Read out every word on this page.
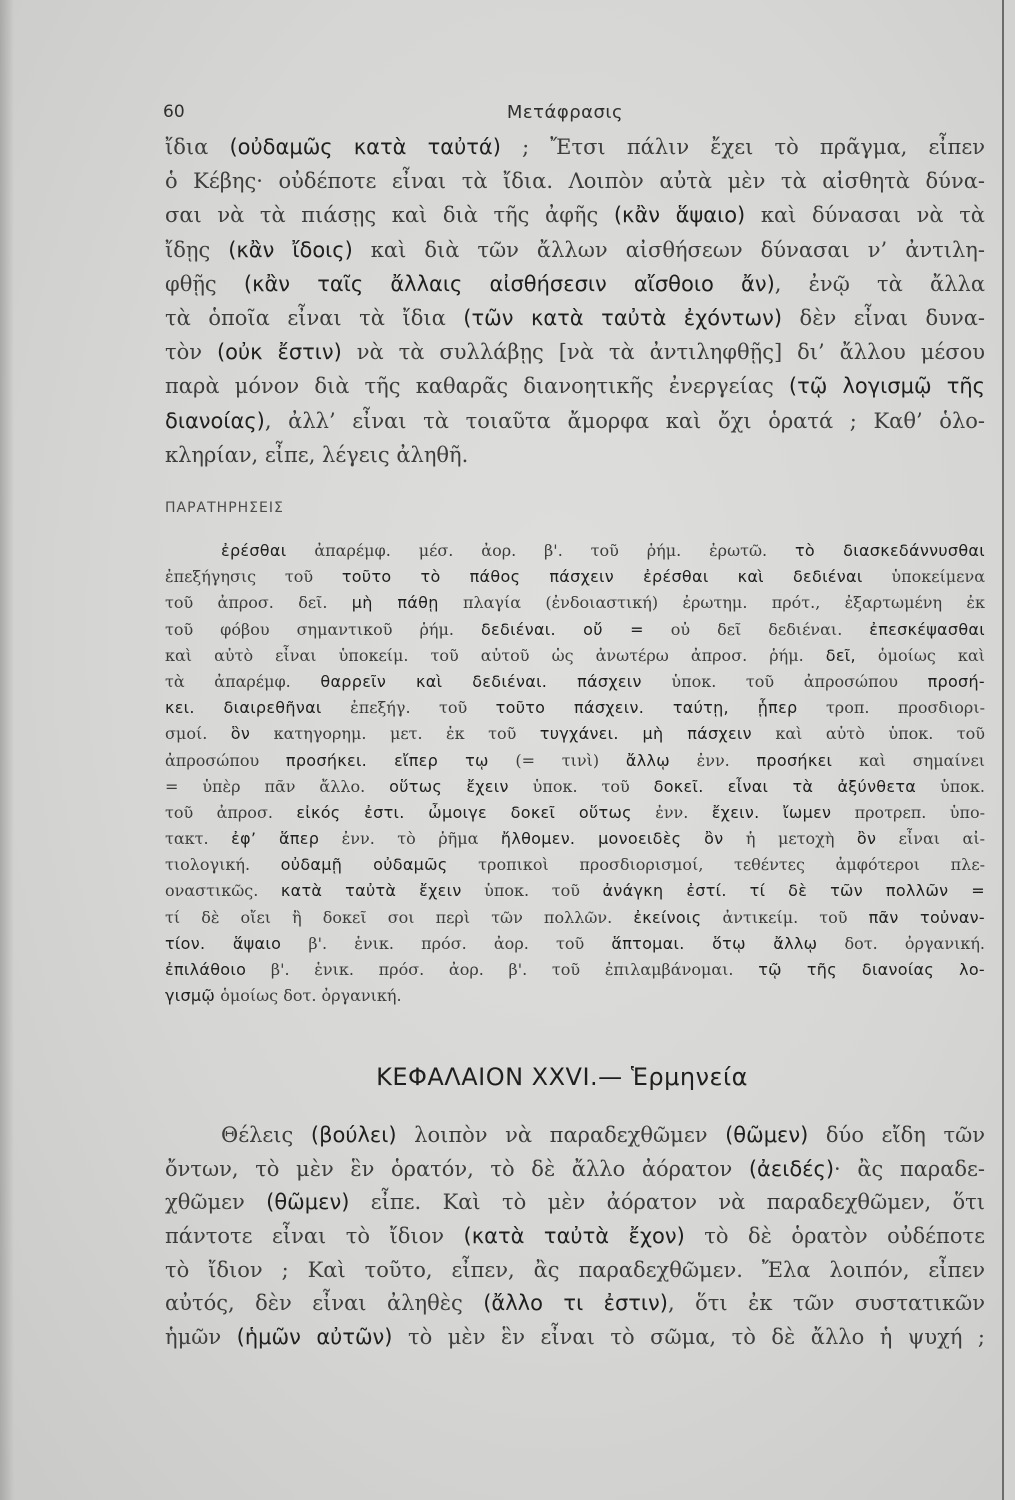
60	Μετάφρασις
ἴδια (οὐδαμῶς κατὰ ταὐτά) ; Ἔτσι πάλιν ἔχει τὸ πρᾶγμα, εἶπεν
ὁ Κέβης· οὐδέποτε εἶναι τὰ ἴδια. Λοιπὸν αὐτὰ μὲν τὰ αἰσθητὰ δύνα-
σαι νὰ τὰ πιάσῃς καὶ διὰ τῆς ἀφῆς (κἂν ἅψαιο) καὶ δύνασαι νὰ τὰ
ἴδῃς (κἂν ἴδοις) καὶ διὰ τῶν ἄλλων αἰσθήσεων δύνασαι ν’ ἀντιλη-
φθῇς (κἂν ταῖς ἄλλαις αἰσθήσεσιν αἴσθοιο ἄν), ἐνῷ τὰ ἄλλα
τὰ ὁποῖα εἶναι τὰ ἴδια (τῶν κατὰ ταὐτὰ ἐχόντων) δὲν εἶναι δυνα-
τὸν (οὐκ ἔστιν) νὰ τὰ συλλάβῃς [νὰ τὰ ἀντιληφθῇς] δι’ ἄλλου μέσου
παρὰ μόνον διὰ τῆς καθαρᾶς διανοητικῆς ἐνεργείας (τῷ λογισμῷ τῆς
διανοίας), ἀλλ’ εἶναι τὰ τοιαῦτα ἄμορφα καὶ ὄχι ὁρατά ; Καθ’ ὁλο-
κληρίαν, εἶπε, λέγεις ἀληθῆ.
ΠΑΡΑΤΗΡΗΣΕΙΣ
ἐρέσθαι ἀπαρέμφ. μέσ. ἀορ. β'. τοῦ ῥήμ. ἐρωτῶ. τὸ διασκεδάννυσθαι
ἐπεξήγησις τοῦ τοῦτο τὸ πάθος πάσχειν ἐρέσθαι καὶ δεδιέναι ὑποκείμενα
τοῦ ἀπροσ. δεῖ. μὴ πάθῃ πλαγία (ἐνδοιαστική) ἐρωτημ. πρότ., ἐξαρτωμένη ἐκ
τοῦ φόβου σημαντικοῦ ῥήμ. δεδιέναι. οὔ = οὐ δεῖ δεδιέναι. ἐπεσκέψασθαι
καὶ αὐτὸ εἶναι ὑποκείμ. τοῦ αὐτοῦ ὡς ἀνωτέρω ἀπροσ. ῥήμ. δεῖ, ὁμοίως καὶ
τὰ ἀπαρέμφ. θαρρεῖν καὶ δεδιέναι. πάσχειν ὑποκ. τοῦ ἀπροσώπου προσή-
κει. διαιρεθῆναι ἐπεξήγ. τοῦ τοῦτο πάσχειν. ταύτῃ, ᾗπερ τροπ. προσδιορι-
σμοί. ὃν κατηγορημ. μετ. ἐκ τοῦ τυγχάνει. μὴ πάσχειν καὶ αὐτὸ ὑποκ. τοῦ
ἀπροσώπου προσήκει. εἴπερ τῳ (= τινὶ) ἄλλῳ ἐνν. προσήκει καὶ σημαίνει
= ὑπὲρ πᾶν ἄλλο. οὕτως ἔχειν ὑποκ. τοῦ δοκεῖ. εἶναι τὰ ἀξύνθετα ὑποκ.
τοῦ ἀπροσ. εἰκός ἐστι. ὦμοιγε δοκεῖ οὕτως ἐνν. ἔχειν. ἴωμεν προτρεπ. ὑπο-
τακτ. ἐφ’ ἅπερ ἐνν. τὸ ῥῆμα ἤλθομεν. μονοειδὲς ὂν ἡ μετοχὴ ὂν εἶναι αἰ-
τιολογική. οὐδαμῇ οὐδαμῶς τροπικοὶ προσδιορισμοί, τεθέντες ἀμφότεροι πλε-
οναστικῶς. κατὰ ταὐτὰ ἔχειν ὑποκ. τοῦ ἀνάγκη ἐστί. τί δὲ τῶν πολλῶν =
τί δὲ οἴει ἢ δοκεῖ σοι περὶ τῶν πολλῶν. ἐκείνοις ἀντικείμ. τοῦ πᾶν τοὐναν-
τίον. ἅψαιο β'. ἑνικ. πρόσ. ἀορ. τοῦ ἅπτομαι. ὅτῳ ἄλλῳ δοτ. ὀργανική.
ἐπιλάθοιο β'. ἑνικ. πρόσ. ἀορ. β'. τοῦ ἐπιλαμβάνομαι. τῷ τῆς διανοίας λο-
γισμῷ ὁμοίως δοτ. ὀργανική.
ΚΕΦΑΛΑΙΟΝ XXVI.— Ἑρμηνεία
Θέλεις (βούλει) λοιπὸν νὰ παραδεχθῶμεν (θῶμεν) δύο εἴδη τῶν
ὄντων, τὸ μὲν ἓν ὁρατόν, τὸ δὲ ἄλλο ἀόρατον (ἀειδές)· ἂς παραδε-
χθῶμεν (θῶμεν) εἶπε. Καὶ τὸ μὲν ἀόρατον νὰ παραδεχθῶμεν, ὅτι
πάντοτε εἶναι τὸ ἴδιον (κατὰ ταὐτὰ ἔχον) τὸ δὲ ὁρατὸν οὐδέποτε
τὸ ἴδιον ; Καὶ τοῦτο, εἶπεν, ἂς παραδεχθῶμεν. Ἔλα λοιπόν, εἶπεν
αὐτός, δὲν εἶναι ἀληθὲς (ἄλλο τι ἐστιν), ὅτι ἐκ τῶν συστατικῶν
ἡμῶν (ἡμῶν αὐτῶν) τὸ μὲν ἓν εἶναι τὸ σῶμα, τὸ δὲ ἄλλο ἡ ψυχή ;
